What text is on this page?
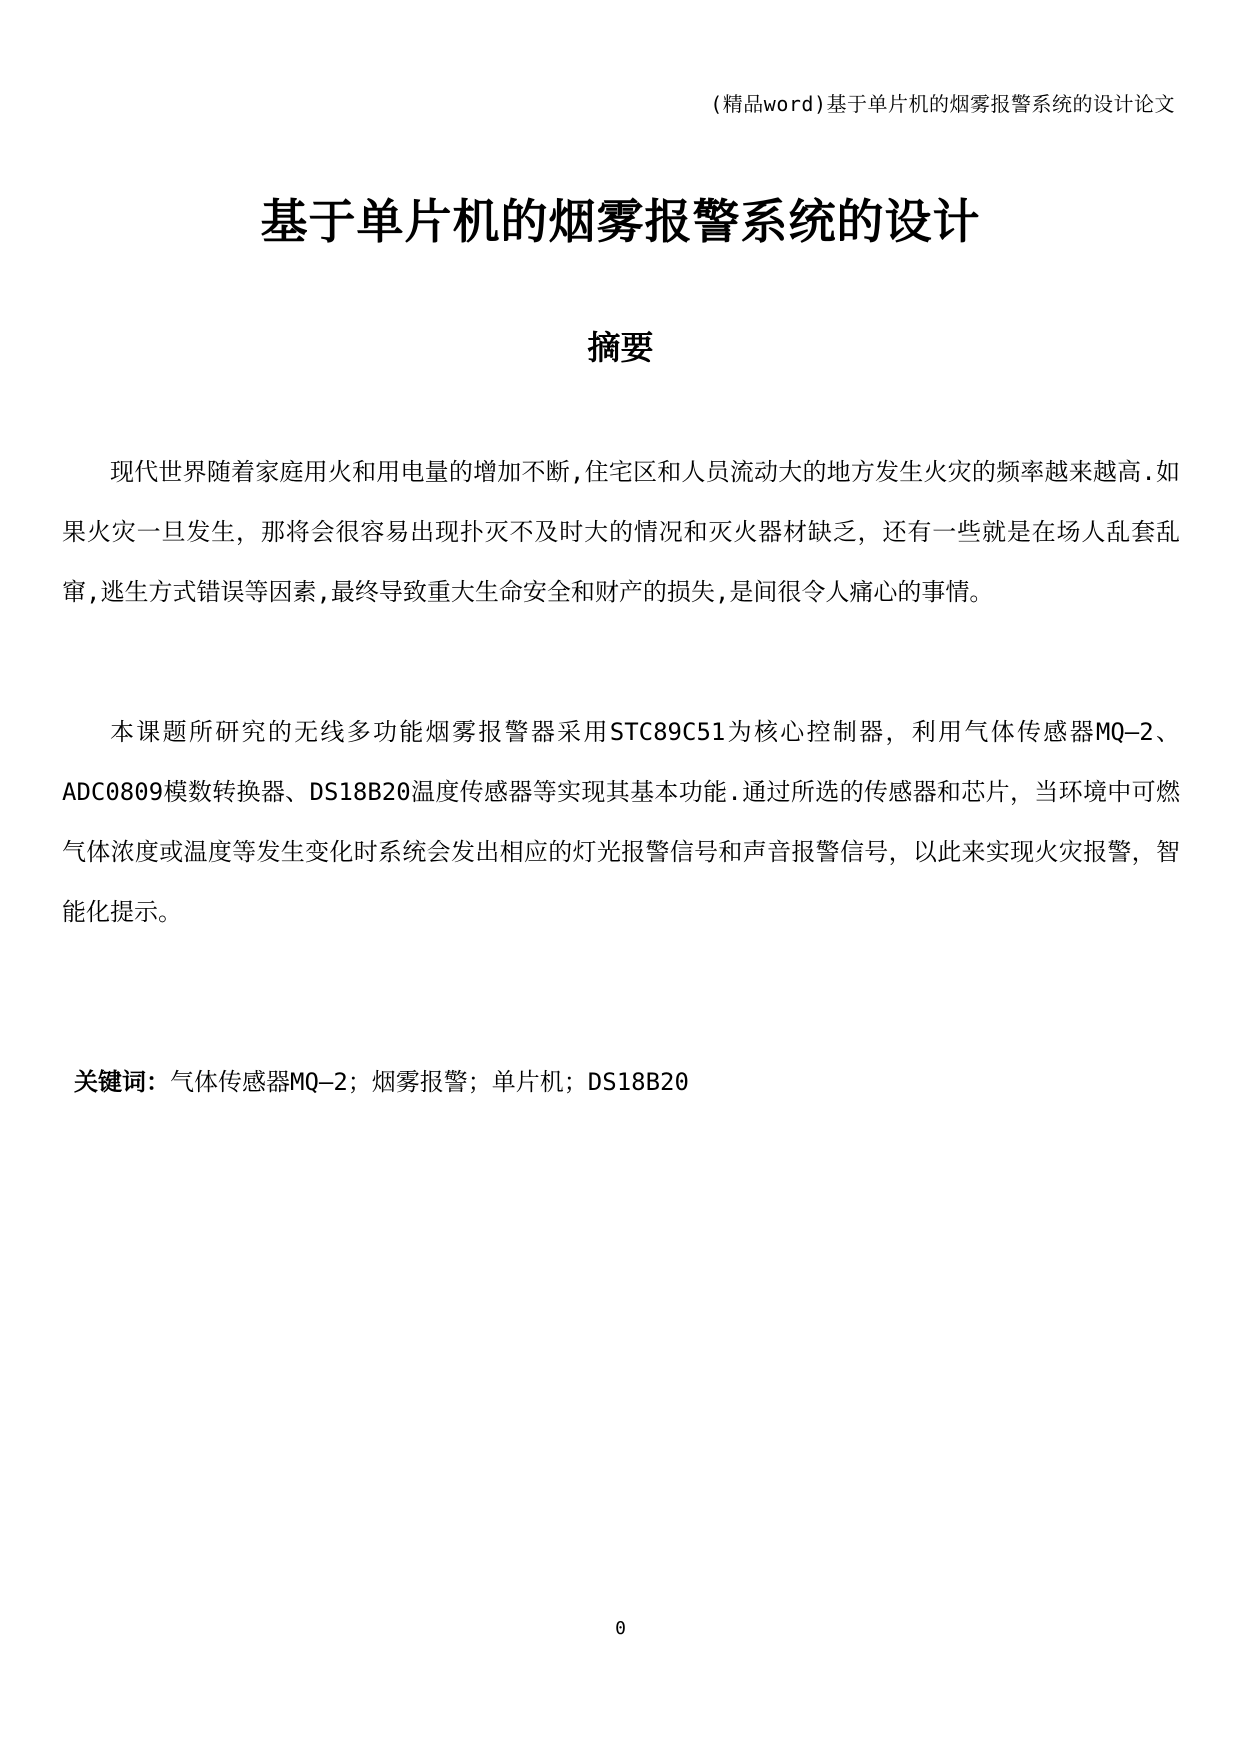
(精品word)基于单片机的烟雾报警系统的设计论文
基于单片机的烟雾报警系统的设计
摘要

现代世界随着家庭用火和用电量的增加不断,住宅区和人员流动大的地方发生火灾的频率越来越高.如果火灾一旦发生，那将会很容易出现扑灭不及时大的情况和灭火器材缺乏，还有一些就是在场人乱套乱窜,逃生方式错误等因素,最终导致重大生命安全和财产的损失,是间很令人痛心的事情。

本课题所研究的无线多功能烟雾报警器采用STC89C51为核心控制器，利用气体传感器MQ—2、ADC0809模数转换器、DS18B20温度传感器等实现其基本功能.通过所选的传感器和芯片，当环境中可燃气体浓度或温度等发生变化时系统会发出相应的灯光报警信号和声音报警信号，以此来实现火灾报警，智能化提示。

关键词：气体传感器MQ—2；烟雾报警；单片机；DS18B20
0
